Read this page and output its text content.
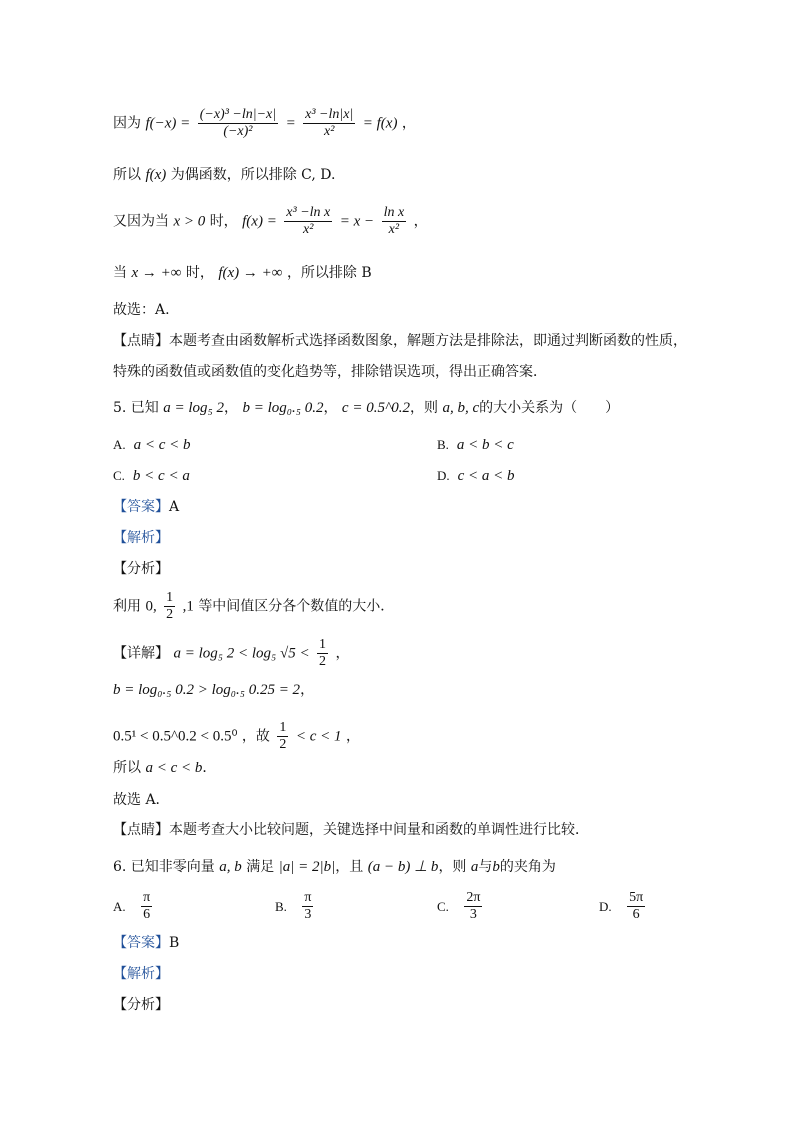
因为 $f(-x) = \frac{\text{(−x)³ −ln|−x|}}{\text{(−x)²}} = \frac{\text{x³ −ln|x|}}{\text{x²}} = f(x)$ ，
所以 f(x) 为偶函数，所以排除 C, D.
又因为当 x > 0 时， $f(x) = \frac{\text{x³ −ln x}}{\text{x²}} = x - \frac{\text{ln x}}{\text{x²}}$ ，
当 x → +∞ 时， f(x) → +∞ ，所以排除 B
故选：A.
【点睛】本题考查由函数解析式选择函数图象，解题方法是排除法，即通过判断函数的性质，
特殊的函数值或函数值的变化趋势等，排除错误选项，得出正确答案．
5. 已知 a = log₅ 2， b = log₀.₅ 0.2， c = 0.5^0.2，则 a, b, c的大小关系为（　　）
A. a < c < b	B. a < b < c
C. b < c < a	D. c < a < b
【答案】A
【解析】
【分析】
利用 0, $\frac{1}{2} ,1$ 等中间值区分各个数值的大小．
【详解】 a = log₅ 2 < log₅ $√5 < \frac{1}{2}$ ，
b = log₀.₅ 0.2 > log₀.₅ 0.25 = 2，
0.5¹ < 0.5^0.2 < 0.5⁰ ，故 $\frac{1}{2} < c < 1$ ，
所以 a < c < b．
故选 A．
【点睛】本题考查大小比较问题，关键选择中间量和函数的单调性进行比较．
6. 已知非零向量 a, b 满足 |a| = 2|b|，且 (a − b) ⊥ b，则 a与b的夹角为
A. $\frac{\pi}{6}$	B. $\frac{\pi}{3}$	C. $\frac{2\pi}{3}$	D. $\frac{5\pi}{6}$
【答案】B
【解析】
【分析】
